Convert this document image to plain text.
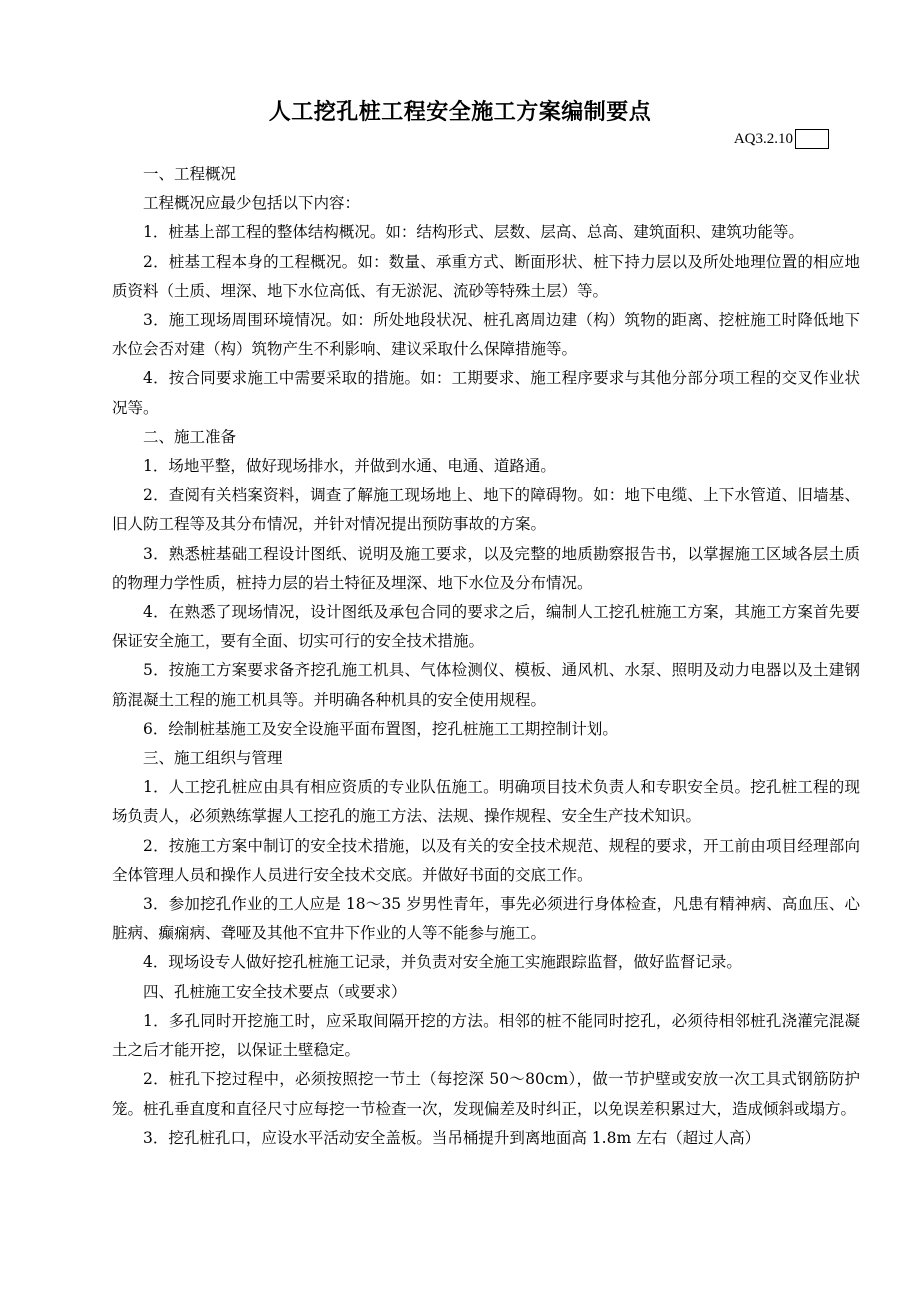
人工挖孔桩工程安全施工方案编制要点
AQ3.2.10

一、工程概况

工程概况应最少包括以下内容：

1．桩基上部工程的整体结构概况。如：结构形式、层数、层高、总高、建筑面积、建筑功能等。

2．桩基工程本身的工程概况。如：数量、承重方式、断面形状、桩下持力层以及所处地理位置的相应地质资料（土质、埋深、地下水位高低、有无淤泥、流砂等特殊土层）等。

3．施工现场周围环境情况。如：所处地段状况、桩孔离周边建（构）筑物的距离、挖桩施工时降低地下水位会否对建（构）筑物产生不利影响、建议采取什么保障措施等。

4．按合同要求施工中需要采取的措施。如：工期要求、施工程序要求与其他分部分项工程的交叉作业状况等。

二、施工准备

1．场地平整，做好现场排水，并做到水通、电通、道路通。

2．查阅有关档案资料，调查了解施工现场地上、地下的障碍物。如：地下电缆、上下水管道、旧墙基、旧人防工程等及其分布情况，并针对情况提出预防事故的方案。

3．熟悉桩基础工程设计图纸、说明及施工要求，以及完整的地质勘察报告书，以掌握施工区域各层土质的物理力学性质，桩持力层的岩土特征及埋深、地下水位及分布情况。

4．在熟悉了现场情况，设计图纸及承包合同的要求之后，编制人工挖孔桩施工方案，其施工方案首先要保证安全施工，要有全面、切实可行的安全技术措施。

5．按施工方案要求备齐挖孔施工机具、气体检测仪、模板、通风机、水泵、照明及动力电器以及土建钢筋混凝土工程的施工机具等。并明确各种机具的安全使用规程。

6．绘制桩基施工及安全设施平面布置图，挖孔桩施工工期控制计划。

三、施工组织与管理

1．人工挖孔桩应由具有相应资质的专业队伍施工。明确项目技术负责人和专职安全员。挖孔桩工程的现场负责人，必须熟练掌握人工挖孔的施工方法、法规、操作规程、安全生产技术知识。

2．按施工方案中制订的安全技术措施，以及有关的安全技术规范、规程的要求，开工前由项目经理部向全体管理人员和操作人员进行安全技术交底。并做好书面的交底工作。

3．参加挖孔作业的工人应是 18～35 岁男性青年，事先必须进行身体检查，凡患有精神病、高血压、心脏病、癫痫病、聋哑及其他不宜井下作业的人等不能参与施工。

4．现场设专人做好挖孔桩施工记录，并负责对安全施工实施跟踪监督，做好监督记录。

四、孔桩施工安全技术要点（或要求）

1．多孔同时开挖施工时，应采取间隔开挖的方法。相邻的桩不能同时挖孔，必须待相邻桩孔浇灌完混凝土之后才能开挖，以保证土壁稳定。

2．桩孔下挖过程中，必须按照挖一节土（每挖深 50～80cm），做一节护壁或安放一次工具式钢筋防护笼。桩孔垂直度和直径尺寸应每挖一节检查一次，发现偏差及时纠正，以免误差积累过大，造成倾斜或塌方。

3．挖孔桩孔口，应设水平活动安全盖板。当吊桶提升到离地面高 1.8m 左右（超过人高）
